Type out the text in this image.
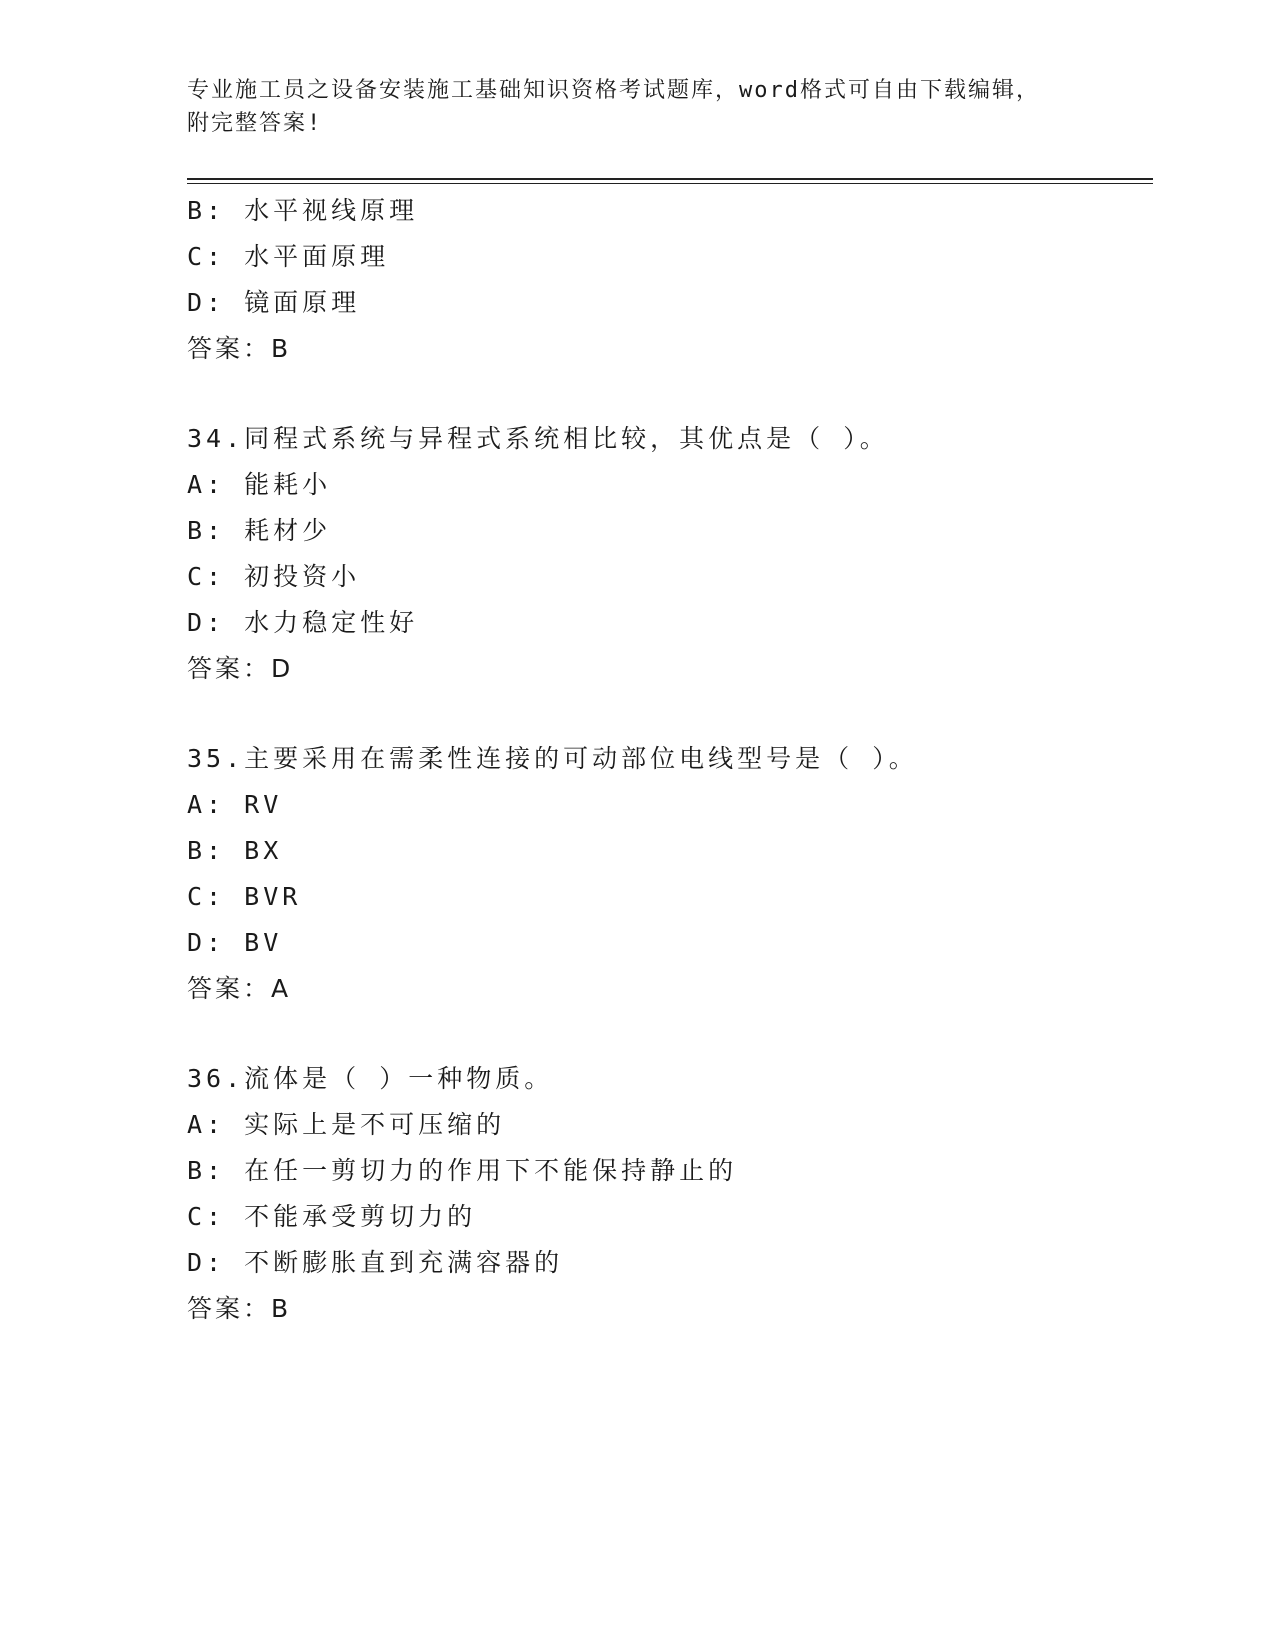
专业施工员之设备安装施工基础知识资格考试题库，word格式可自由下载编辑，
附完整答案!
B: 水平视线原理
C: 水平面原理
D: 镜面原理
答案：B
34.同程式系统与异程式系统相比较，其优点是（ ）。
A: 能耗小
B: 耗材少
C: 初投资小
D: 水力稳定性好
答案：D
35.主要采用在需柔性连接的可动部位电线型号是（ ）。
A: RV
B: BX
C: BVR
D: BV
答案：A
36.流体是（ ）一种物质。
A: 实际上是不可压缩的
B: 在任一剪切力的作用下不能保持静止的
C: 不能承受剪切力的
D: 不断膨胀直到充满容器的
答案：B
